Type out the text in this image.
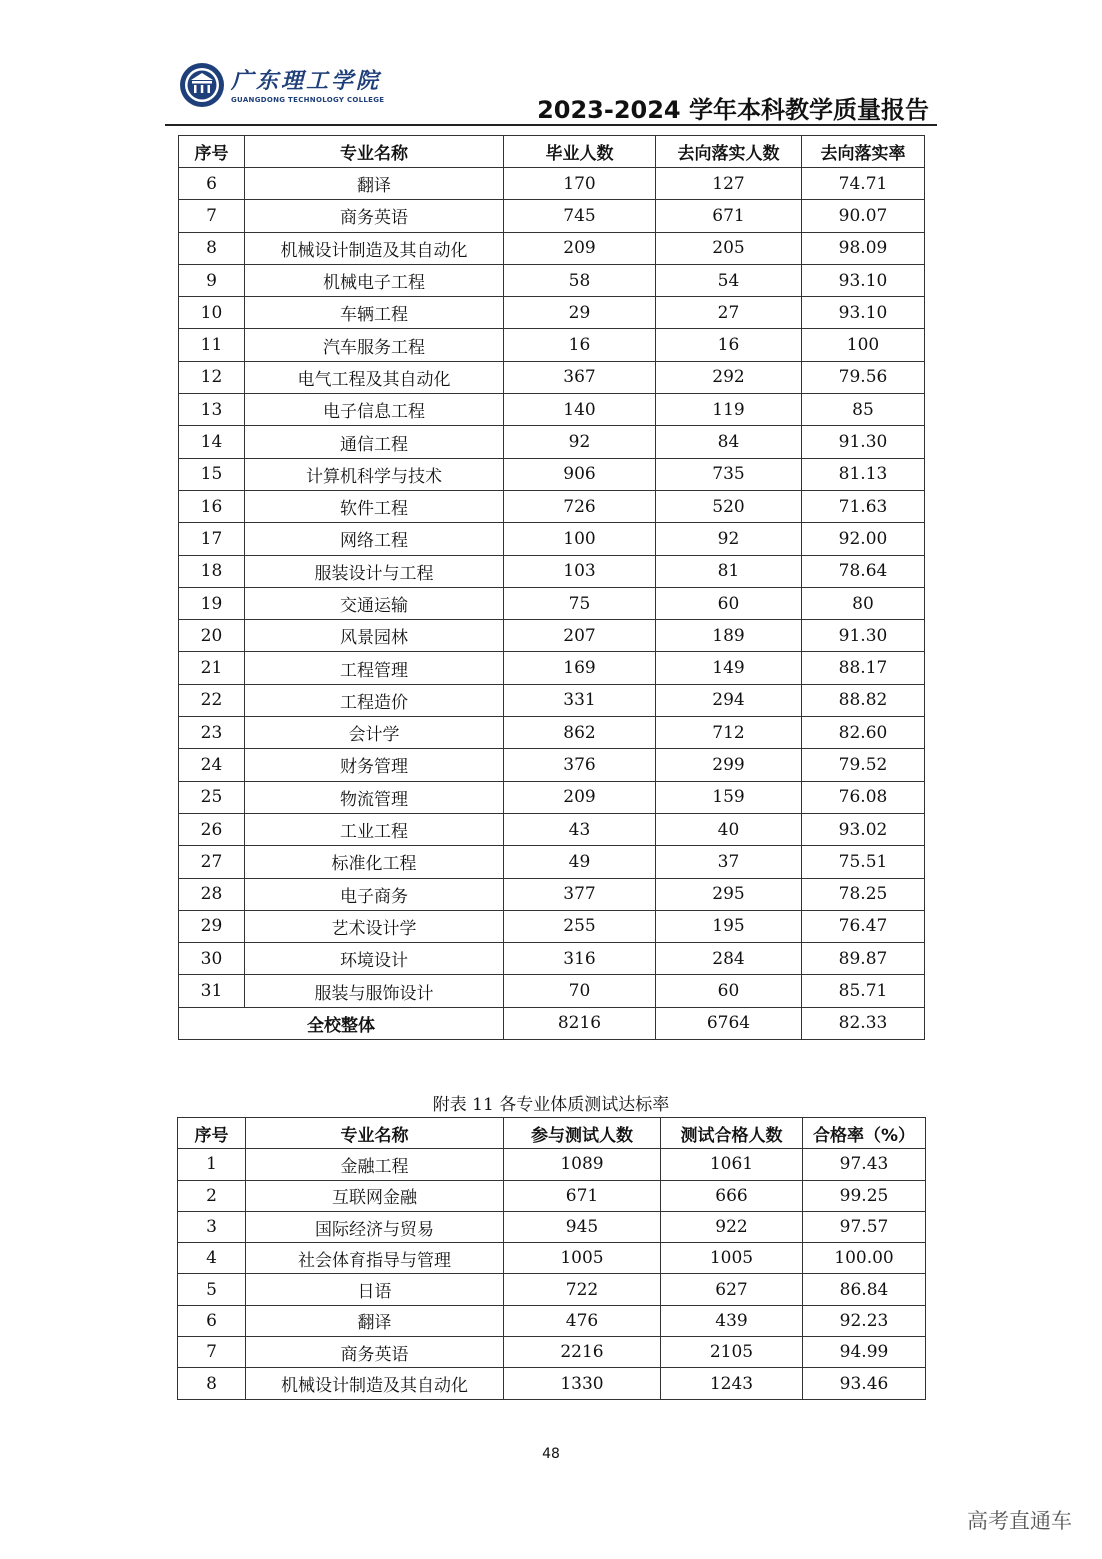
广东理工学院
GUANGDONG TECHNOLOGY COLLEGE	2023-2024 学年本科教学质量报告
序号	专业名称	毕业人数	去向落实人数	去向落实率
6	翻译	170	127	74.71
7	商务英语	745	671	90.07
8	机械设计制造及其自动化	209	205	98.09
9	机械电子工程	58	54	93.10
10	车辆工程	29	27	93.10
11	汽车服务工程	16	16	100
12	电气工程及其自动化	367	292	79.56
13	电子信息工程	140	119	85
14	通信工程	92	84	91.30
15	计算机科学与技术	906	735	81.13
16	软件工程	726	520	71.63
17	网络工程	100	92	92.00
18	服装设计与工程	103	81	78.64
19	交通运输	75	60	80
20	风景园林	207	189	91.30
21	工程管理	169	149	88.17
22	工程造价	331	294	88.82
23	会计学	862	712	82.60
24	财务管理	376	299	79.52
25	物流管理	209	159	76.08
26	工业工程	43	40	93.02
27	标准化工程	49	37	75.51
28	电子商务	377	295	78.25
29	艺术设计学	255	195	76.47
30	环境设计	316	284	89.87
31	服装与服饰设计	70	60	85.71
全校整体		8216	6764	82.33
附表 11 各专业体质测试达标率
序号	专业名称	参与测试人数	测试合格人数	合格率（%）
1	金融工程	1089	1061	97.43
2	互联网金融	671	666	99.25
3	国际经济与贸易	945	922	97.57
4	社会体育指导与管理	1005	1005	100.00
5	日语	722	627	86.84
6	翻译	476	439	92.23
7	商务英语	2216	2105	94.99
8	机械设计制造及其自动化	1330	1243	93.46
48
高考直通车
